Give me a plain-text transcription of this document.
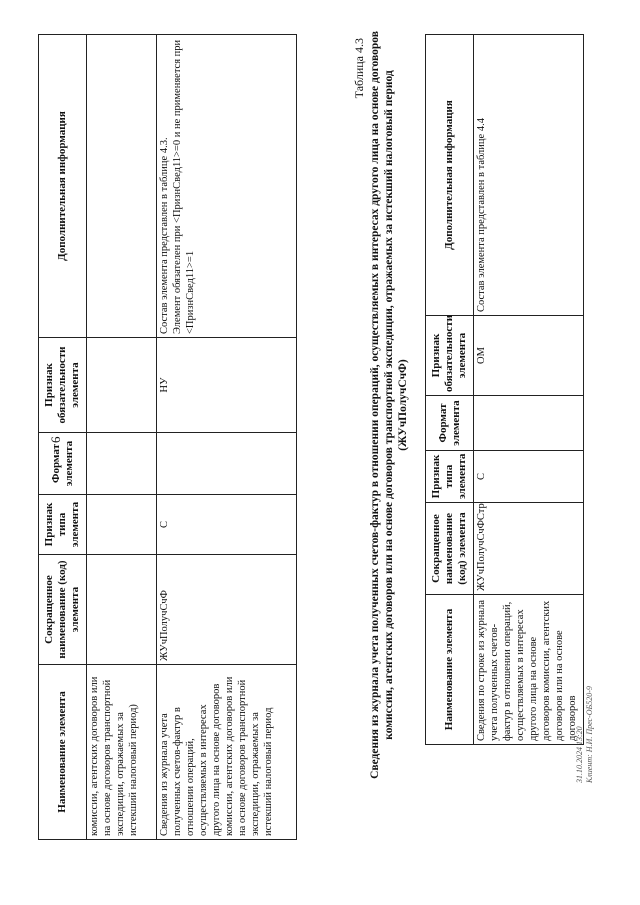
6
Наименование элемента	Сокращенное наименование (код) элемента	Признак типа элемента	Формат элемента	Признак обязательности элемента	Дополнительная информация
комиссии, агентских договоров или на основе договоров транспортной экспедиции, отражаемых за истекший налоговый период)					
Сведения из журнала учета полученных счетов-фактур в отношении операций, осуществляемых в интересах другого лица на основе договоров комиссии, агентских договоров или на основе договоров транспортной экспедиции, отражаемых за истекший налоговый период	ЖУчПолучСчФ	С		НУ	Состав элемента представлен в таблице 4.3.
Элемент обязателен при <ПризнСвед11>=0 и не применяется при <ПризнСвед11>=1
Таблица 4.3 Сведения из журнала учета полученных счетов-фактур в отношении операций, осуществляемых в интересах другого лица на основе договоров комиссии, агентских договоров или на основе договоров транспортной экспедиции, отражаемых за истекший налоговый период (ЖУчПолучСчФ)
Наименование элемента	Сокращенное наименование (код) элемента	Признак типа элемента	Формат элемента	Признак обязательности элемента	Дополнительная информация
Сведения по строке из журнала учета полученных счетов-фактур в отношении операций, осуществляемых в интересах другого лица на основе договоров комиссии, агентских договоров или на основе договоров	ЖУчПолучСчФСтр	С		ОМ	Состав элемента представлен в таблице 4.4
31.10.2024 13:20 Клиент: Н.И. Прес-ОБ520-9
